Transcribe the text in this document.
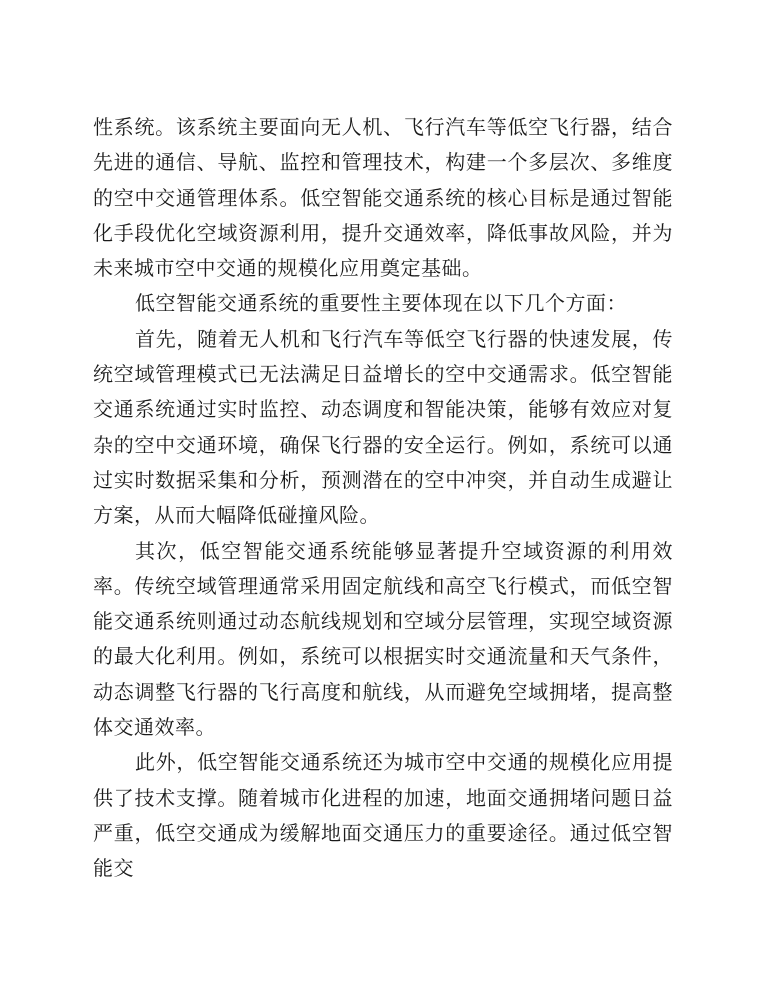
性系统。该系统主要面向无人机、飞行汽车等低空飞行器，结合先进的通信、导航、监控和管理技术，构建一个多层次、多维度的空中交通管理体系。低空智能交通系统的核心目标是通过智能化手段优化空域资源利用，提升交通效率，降低事故风险，并为未来城市空中交通的规模化应用奠定基础。

低空智能交通系统的重要性主要体现在以下几个方面：

首先，随着无人机和飞行汽车等低空飞行器的快速发展，传统空域管理模式已无法满足日益增长的空中交通需求。低空智能交通系统通过实时监控、动态调度和智能决策，能够有效应对复杂的空中交通环境，确保飞行器的安全运行。例如，系统可以通过实时数据采集和分析，预测潜在的空中冲突，并自动生成避让方案，从而大幅降低碰撞风险。

其次，低空智能交通系统能够显著提升空域资源的利用效率。传统空域管理通常采用固定航线和高空飞行模式，而低空智能交通系统则通过动态航线规划和空域分层管理，实现空域资源的最大化利用。例如，系统可以根据实时交通流量和天气条件，动态调整飞行器的飞行高度和航线，从而避免空域拥堵，提高整体交通效率。

此外，低空智能交通系统还为城市空中交通的规模化应用提供了技术支撑。随着城市化进程的加速，地面交通拥堵问题日益严重，低空交通成为缓解地面交通压力的重要途径。通过低空智能交
